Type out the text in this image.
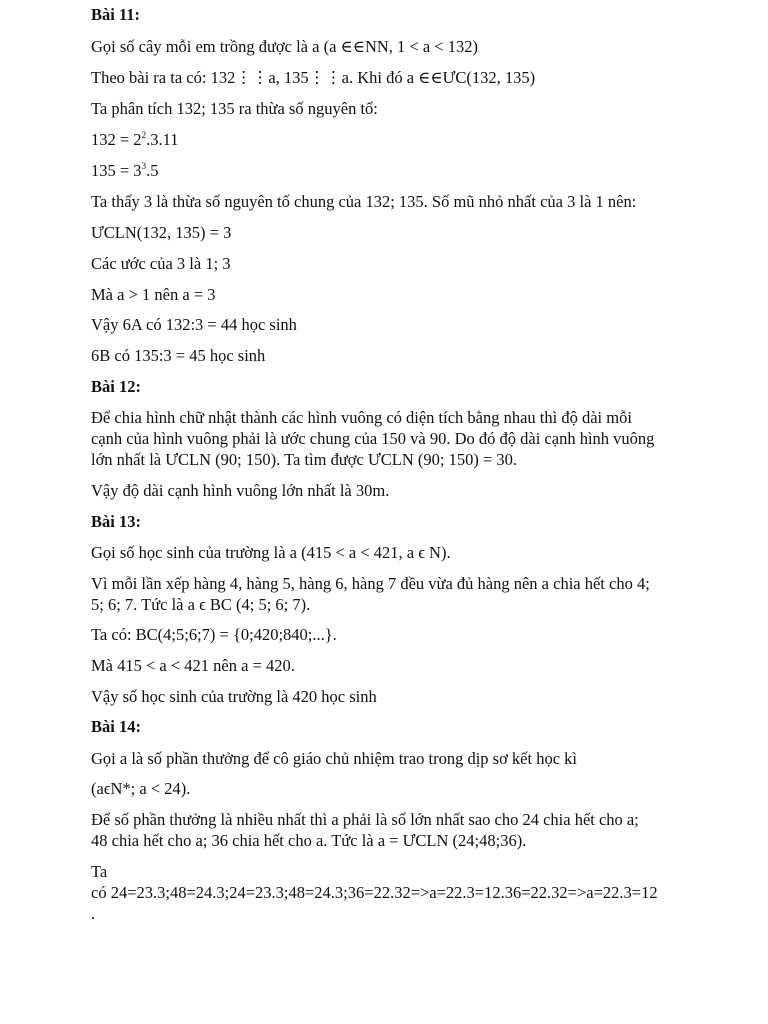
Bài 11:
Gọi số cây mỗi em trồng được là a (a ∈∈NN, 1 < a < 132)
Theo bài ra ta có: 132⋮⋮a, 135⋮⋮a. Khi đó a ∈∈ƯC(132, 135)
Ta phân tích 132; 135 ra thừa số nguyên tố:
$132 = 2^2.3.11$
$135 = 3^3.5$
Ta thấy 3 là thừa số nguyên tố chung của 132; 135. Số mũ nhỏ nhất của 3 là 1 nên:
ƯCLN(132, 135) = 3
Các ước của 3 là 1; 3
Mà a > 1 nên a = 3
Vậy 6A có 132:3 = 44 học sinh
6B có 135:3 = 45 học sinh
Bài 12:
Để chia hình chữ nhật thành các hình vuông có diện tích bằng nhau thì độ dài mỗi
cạnh của hình vuông phải là ước chung của 150 và 90. Do đó độ dài cạnh hình vuông
lớn nhất là ƯCLN (90; 150). Ta tìm được ƯCLN (90; 150) = 30.
Vậy độ dài cạnh hình vuông lớn nhất là 30m.
Bài 13:
Gọi số học sinh của trường là a (415 < a < 421, a ϵ N).
Vì mỗi lần xếp hàng 4, hàng 5, hàng 6, hàng 7 đều vừa đủ hàng nên a chia hết cho 4;
5; 6; 7. Tức là a ϵ BC (4; 5; 6; 7).
Ta có: BC(4;5;6;7) = {0;420;840;...}.
Mà 415 < a < 421 nên a = 420.
Vậy số học sinh của trường là 420 học sinh
Bài 14:
Gọi a là số phần thưởng để cô giáo chủ nhiệm trao trong dịp sơ kết học kì
(aϵN*; a < 24).
Để số phần thưởng là nhiều nhất thì a phải là số lớn nhất sao cho 24 chia hết cho a;
48 chia hết cho a; 36 chia hết cho a. Tức là a = ƯCLN (24;48;36).
Ta
có 24=23.3;48=24.3;24=23.3;48=24.3;36=22.32=>a=22.3=12.36=22.32=>a=22.3=12
.
